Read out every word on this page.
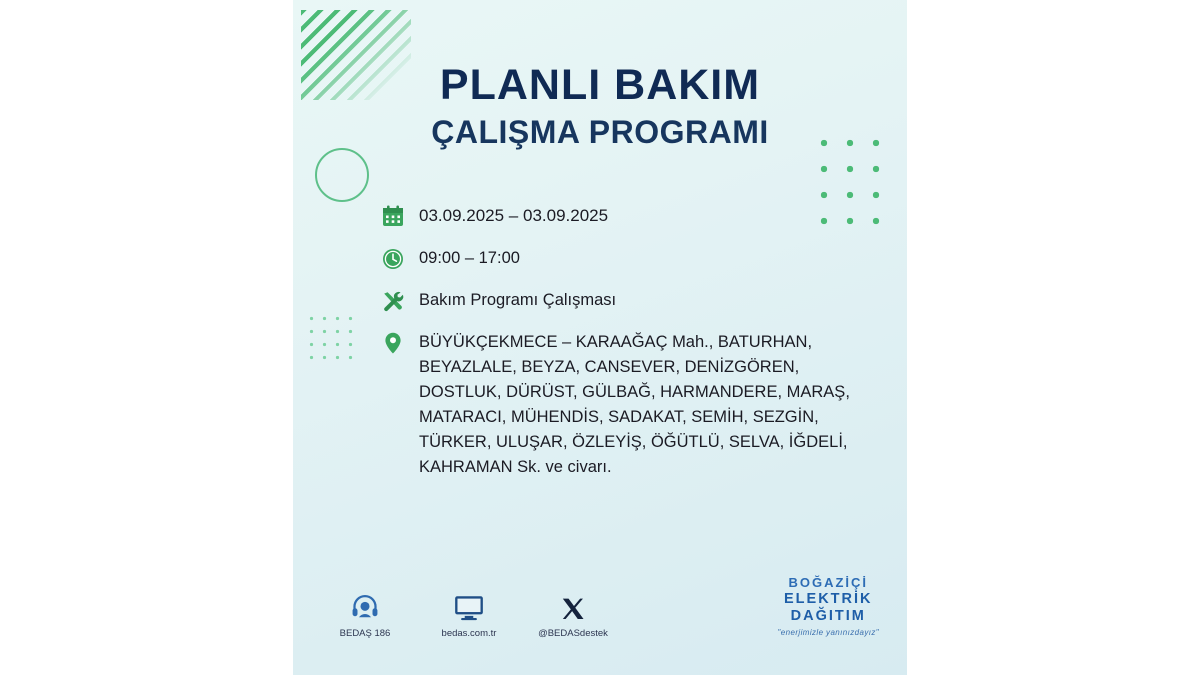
PLANLI BAKIM
ÇALIŞMA PROGRAMI
03.09.2025 – 03.09.2025
09:00 – 17:00
Bakım Programı Çalışması
BÜYÜKÇEKMECE – KARAAĞAÇ Mah., BATURHAN,
BEYAZLALE, BEYZA, CANSEVER, DENİZGÖREN,
DOSTLUK, DÜRÜST, GÜLBAĞ, HARMANDERE, MARAŞ,
MATARACI, MÜHENDİS, SADAKAT, SEMİH, SEZGİN,
TÜRKER, ULUŞAR, ÖZLEYİŞ, ÖĞÜTLÜ, SELVA, İĞDELİ,
KAHRAMAN Sk. ve civarı.
BEDAŞ 186	bedas.com.tr	@BEDASdestek
BOĞAZİÇİ
ELEKTRİK
DAĞITIM
"enerjimizle yanınızdayız"
